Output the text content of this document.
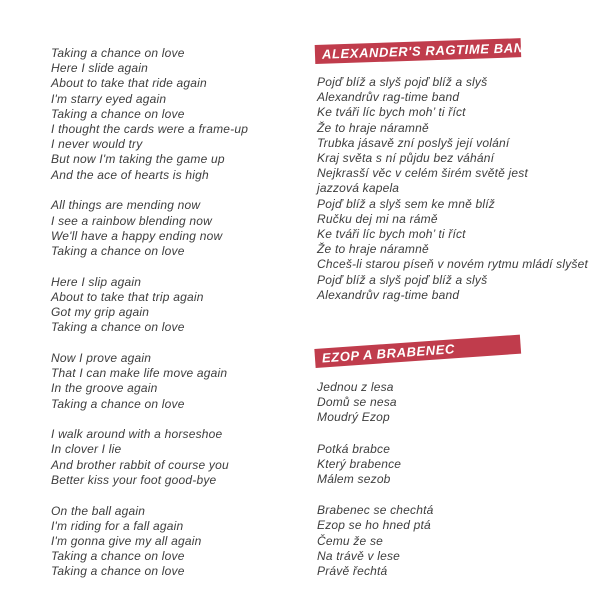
Taking a chance on love
Here I slide again
About to take that ride again
I'm starry eyed again
Taking a chance on love
I thought the cards were a frame-up
I never would try
But now I'm taking the game up
And the ace of hearts is high
All things are mending now
I see a rainbow blending now
We'll have a happy ending now
Taking a chance on love
Here I slip again
About to take that trip again
Got my grip again
Taking a chance on love
Now I prove again
That I can make life move again
In the groove again
Taking a chance on love
I walk around with a horseshoe
In clover I lie
And brother rabbit of course you
Better kiss your foot good-bye
On the ball again
I'm riding for a fall again
I'm gonna give my all again
Taking a chance on love
Taking a chance on love
ALEXANDER'S RAGTIME BAND
Pojď blíž a slyš pojď blíž a slyš
Alexandrův rag-time band
Ke tváři líc bych moh’ ti říct
Že to hraje náramně
Trubka jásavě zní poslyš její volání
Kraj světa s ní půjdu bez váhání
Nejkrasší věc v celém širém světě jest
jazzová kapela
Pojď blíž a slyš sem ke mně blíž
Ručku dej mi na rámě
Ke tváři líc bych moh’ ti říct
Že to hraje náramně
Chceš-li starou píseň v novém rytmu mládí slyšet
Pojď blíž a slyš pojď blíž a slyš
Alexandrův rag-time band
EZOP A BRABENEC
Jednou z lesa
Domů se nesa
Moudrý Ezop
Potká brabce
Který brabence
Málem sezob
Brabenec se chechtá
Ezop se ho hned ptá
Čemu že se
Na trávě v lese
Právě řechtá
